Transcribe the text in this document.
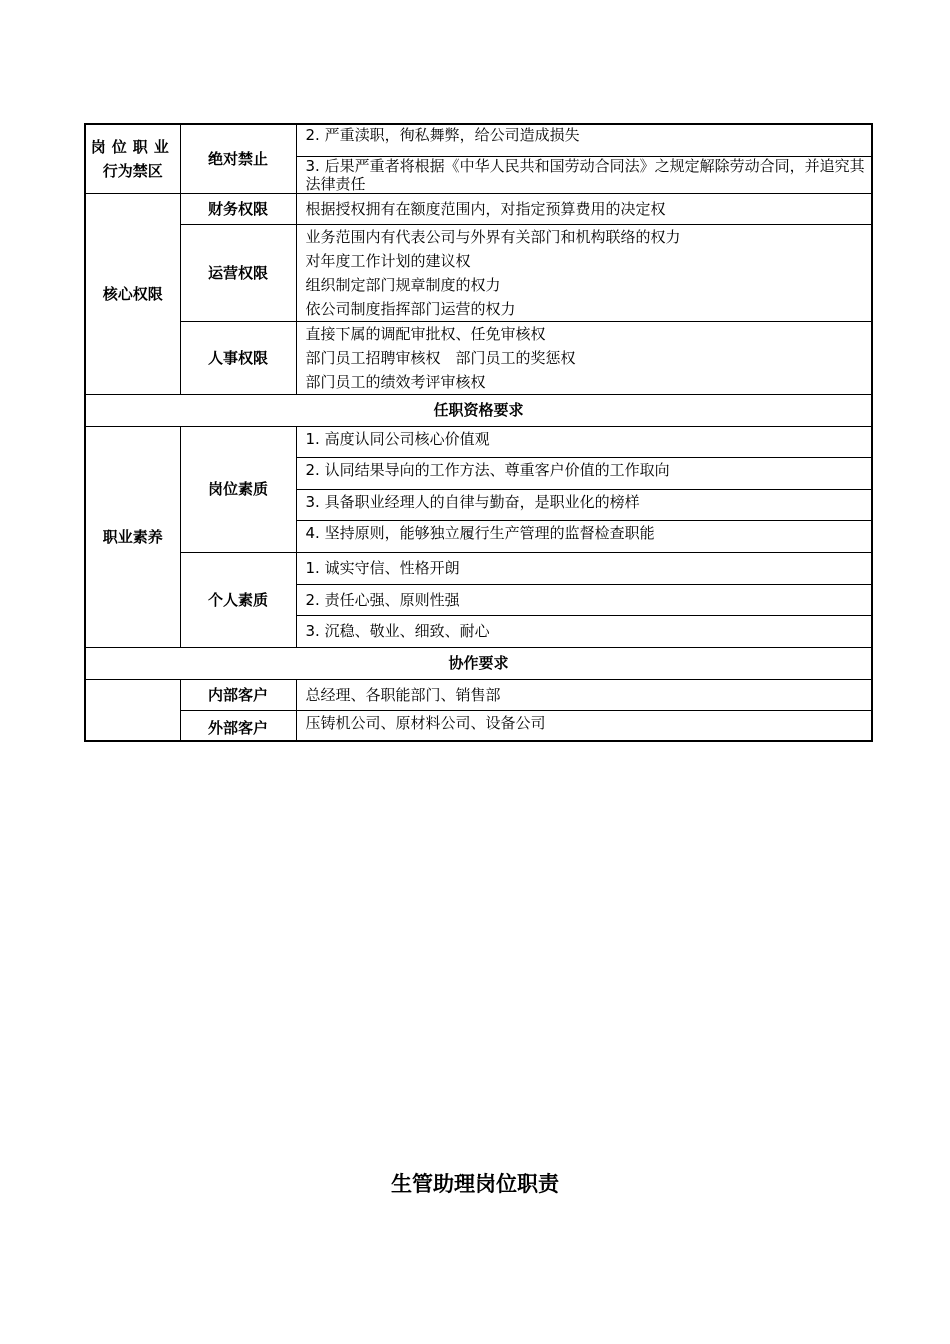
岗位职业
行为禁区	绝对禁止	2. 严重渎职，徇私舞弊，给公司造成损失
		3. 后果严重者将根据《中华人民共和国劳动合同法》之规定解除劳动合同，并追究其法律责任
核心权限	财务权限	根据授权拥有在额度范围内，对指定预算费用的决定权

	运营权限	业务范围内有代表公司与外界有关部门和机构联络的权力
对年度工作计划的建议权
组织制定部门规章制度的权力
依公司制度指挥部门运营的权力

	人事权限	直接下属的调配审批权、任免审核权
部门员工招聘审核权　部门员工的奖惩权
部门员工的绩效考评审核权

任职资格要求		
职业素养	岗位素质	1. 高度认同公司核心价值观
		2. 认同结果导向的工作方法、尊重客户价值的工作取向
		3. 具备职业经理人的自律与勤奋，是职业化的榜样
		4. 坚持原则，能够独立履行生产管理的监督检查职能
	个人素质	1. 诚实守信、性格开朗
		2. 责任心强、原则性强
		3. 沉稳、敬业、细致、耐心
协作要求		
	内部客户	总经理、各职能部门、销售部
	外部客户	压铸机公司、原材料公司、设备公司
生管助理岗位职责
